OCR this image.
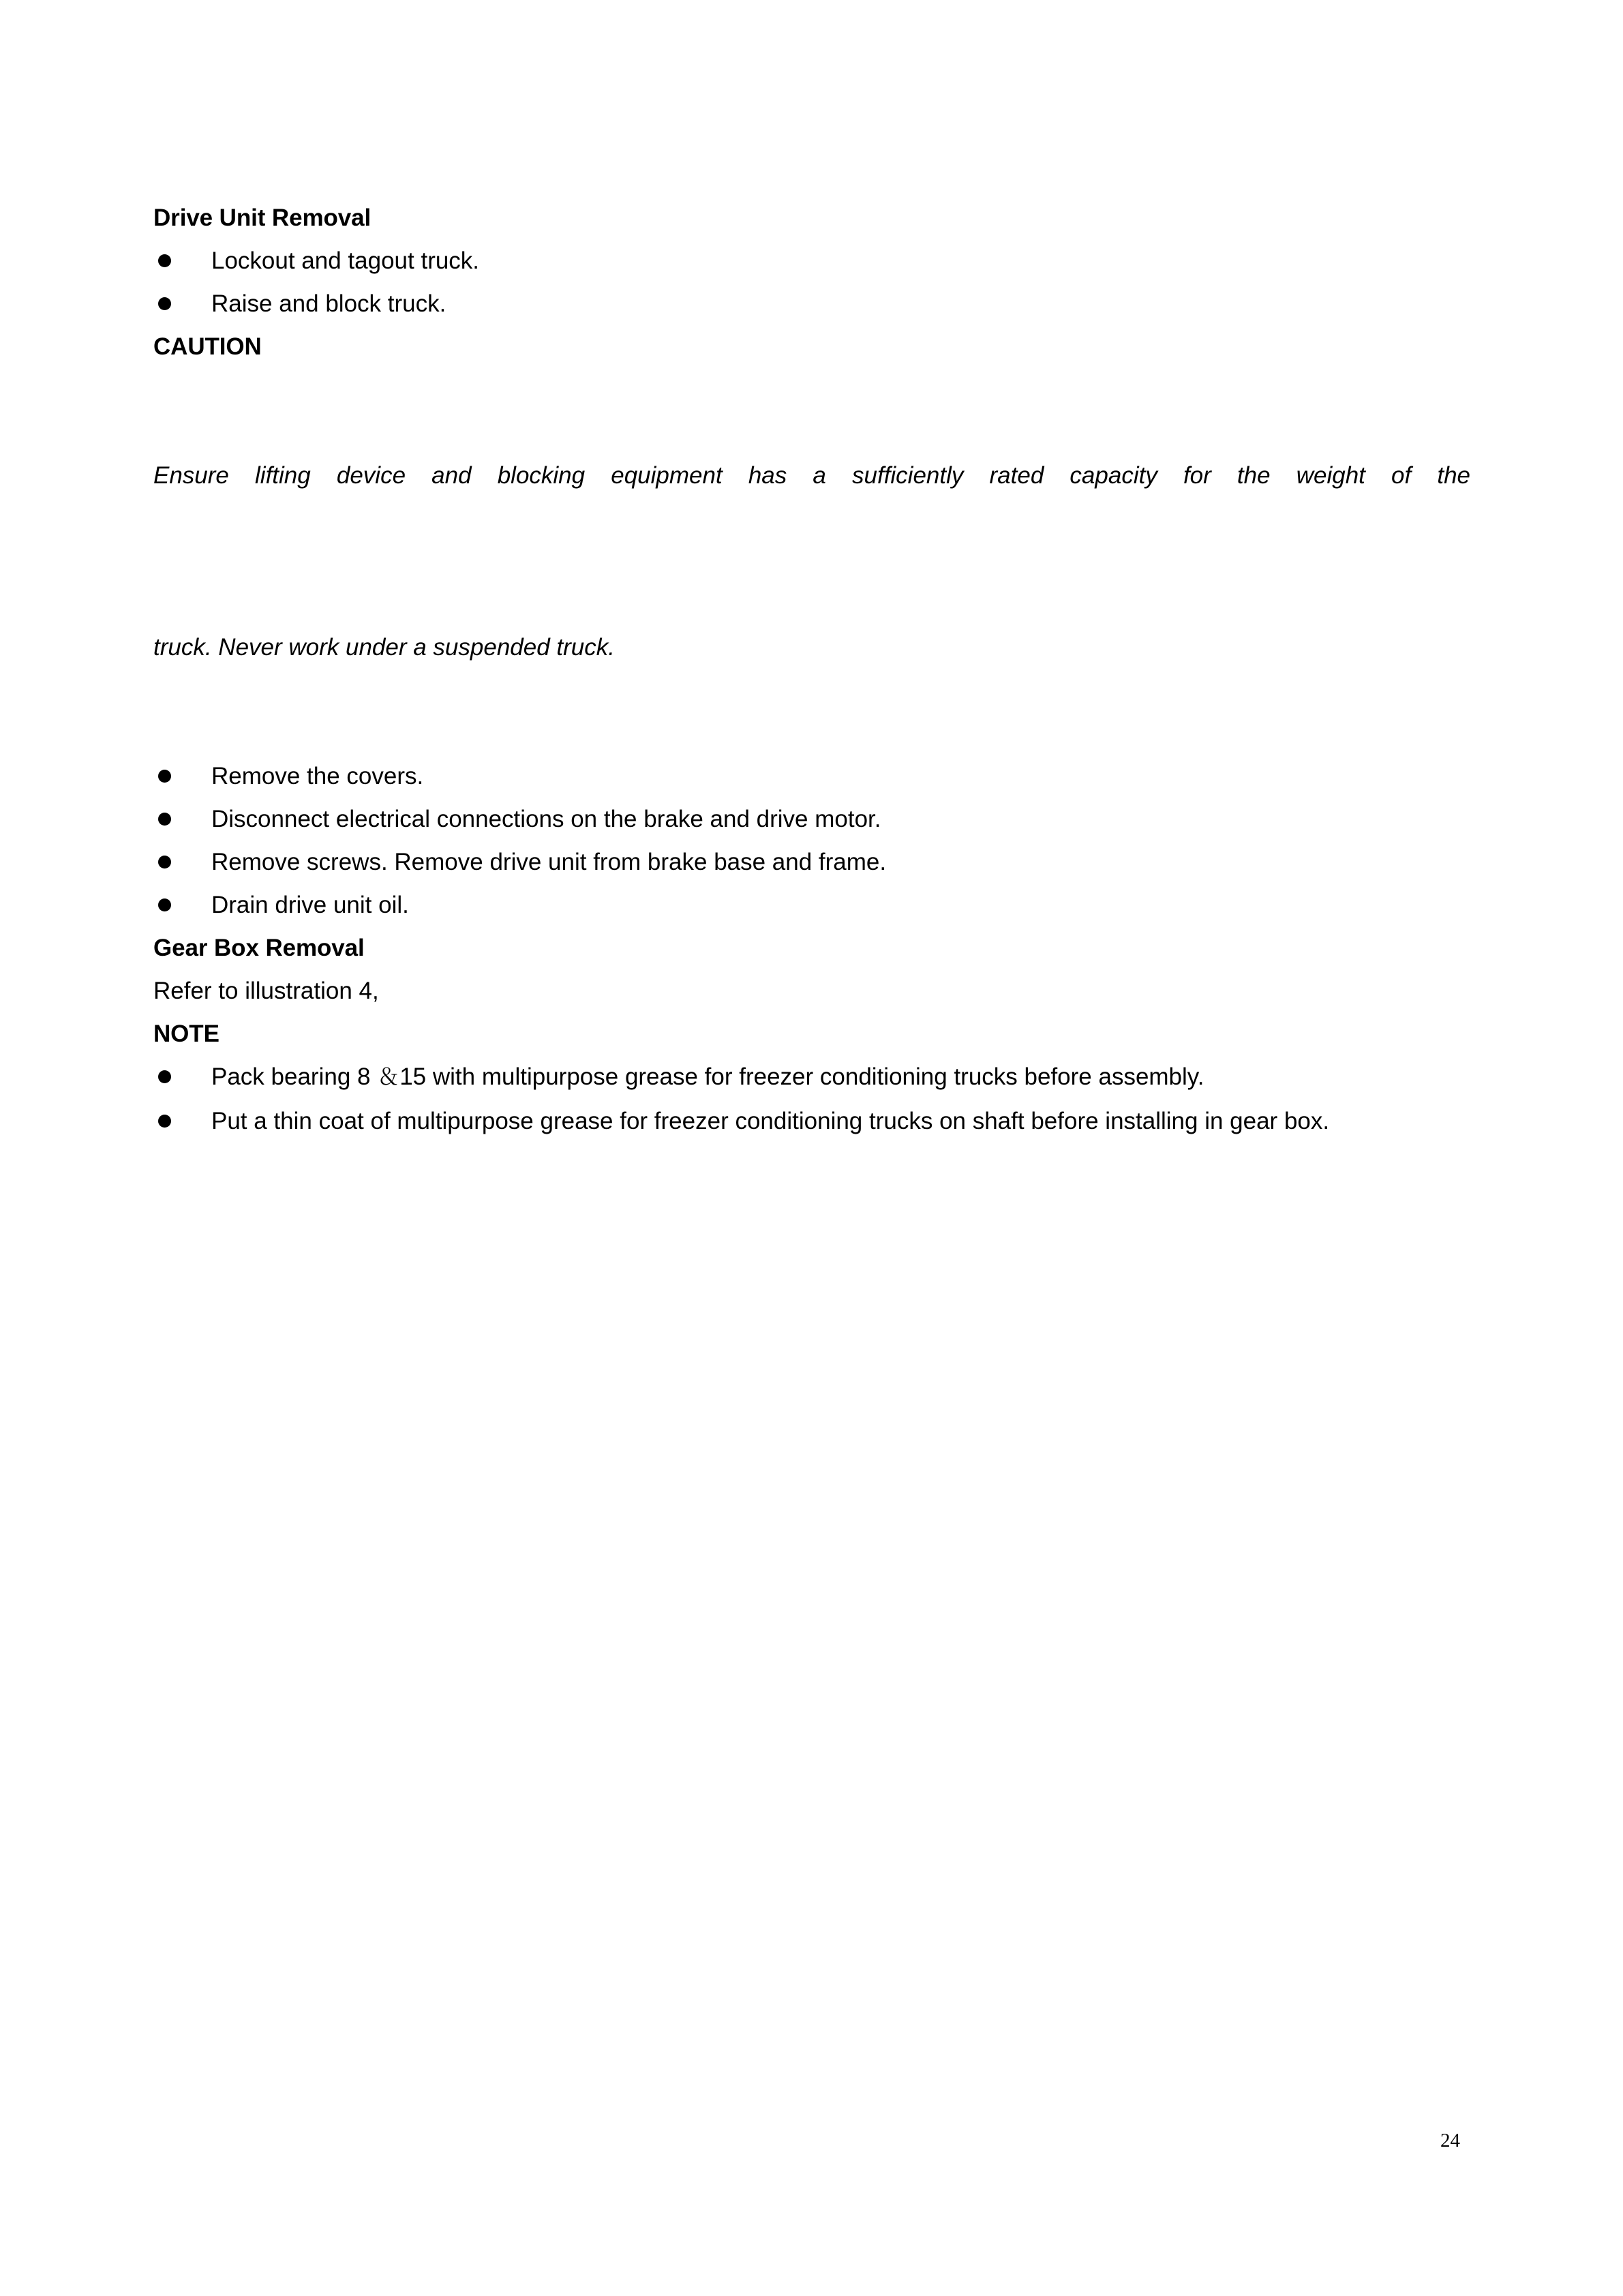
Drive Unit Removal
Lockout and tagout truck.
Raise and block truck.
CAUTION

Ensure lifting device and blocking equipment has a sufficiently rated capacity for the weight of the

truck. Never work under a suspended truck.

Remove the covers.
Disconnect electrical connections on the brake and drive motor.
Remove screws. Remove drive unit from brake base and frame.
Drain drive unit oil.
Gear Box Removal
Refer to illustration 4,
NOTE
Pack bearing 8 ＆15 with multipurpose grease for freezer conditioning trucks before assembly.
Put a thin coat of multipurpose grease for freezer conditioning trucks on shaft before installing in gear box.
24
